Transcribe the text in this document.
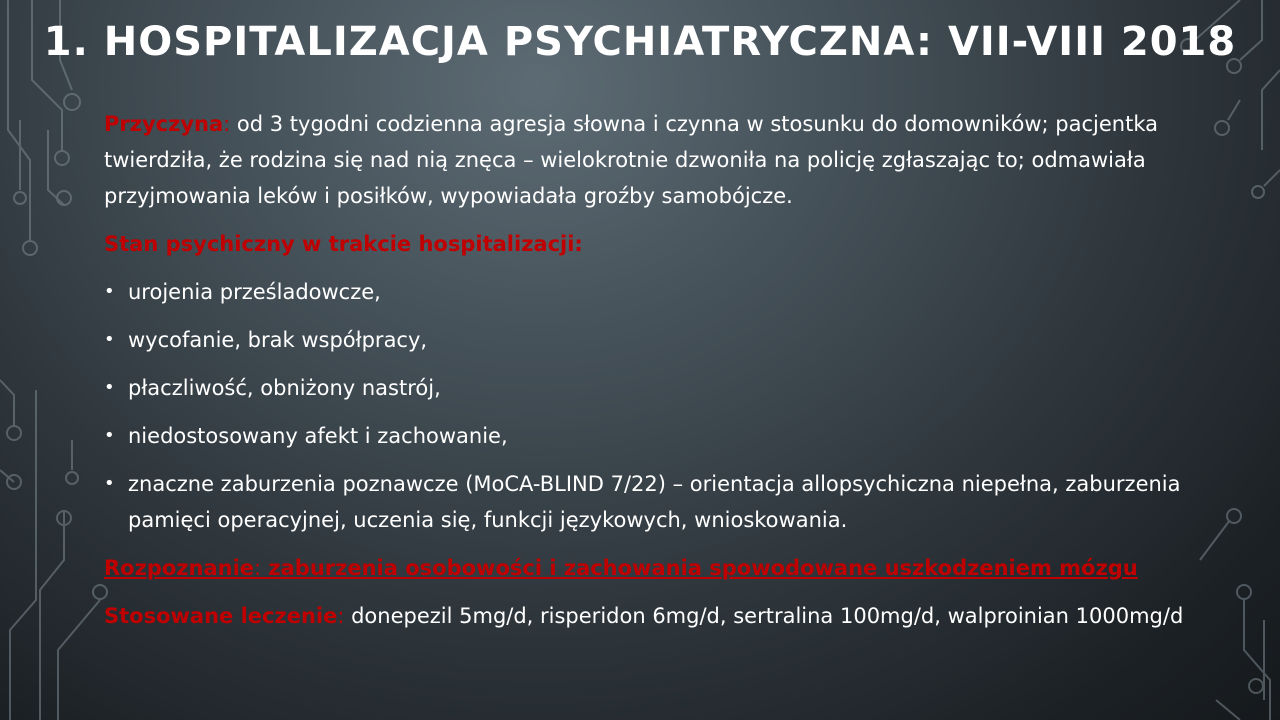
1. HOSPITALIZACJA PSYCHIATRYCZNA: VII-VIII 2018

Przyczyna: od 3 tygodni codzienna agresja słowna i czynna w stosunku do domowników; pacjentka twierdziła, że rodzina się nad nią znęca – wielokrotnie dzwoniła na policję zgłaszając to; odmawiała przyjmowania leków i posiłków, wypowiadała groźby samobójcze.

Stan psychiczny w trakcie hospitalizacji:

• urojenia prześladowcze,
• wycofanie, brak współpracy,
• płaczliwość, obniżony nastrój,
• niedostosowany afekt i zachowanie,
• znaczne zaburzenia poznawcze (MoCA-BLIND 7/22) – orientacja allopsychiczna niepełna, zaburzenia pamięci operacyjnej, uczenia się, funkcji językowych, wnioskowania.

Rozpoznanie: zaburzenia osobowości i zachowania spowodowane uszkodzeniem mózgu

Stosowane leczenie: donepezil 5mg/d, risperidon 6mg/d, sertralina 100mg/d, walproinian 1000mg/d
